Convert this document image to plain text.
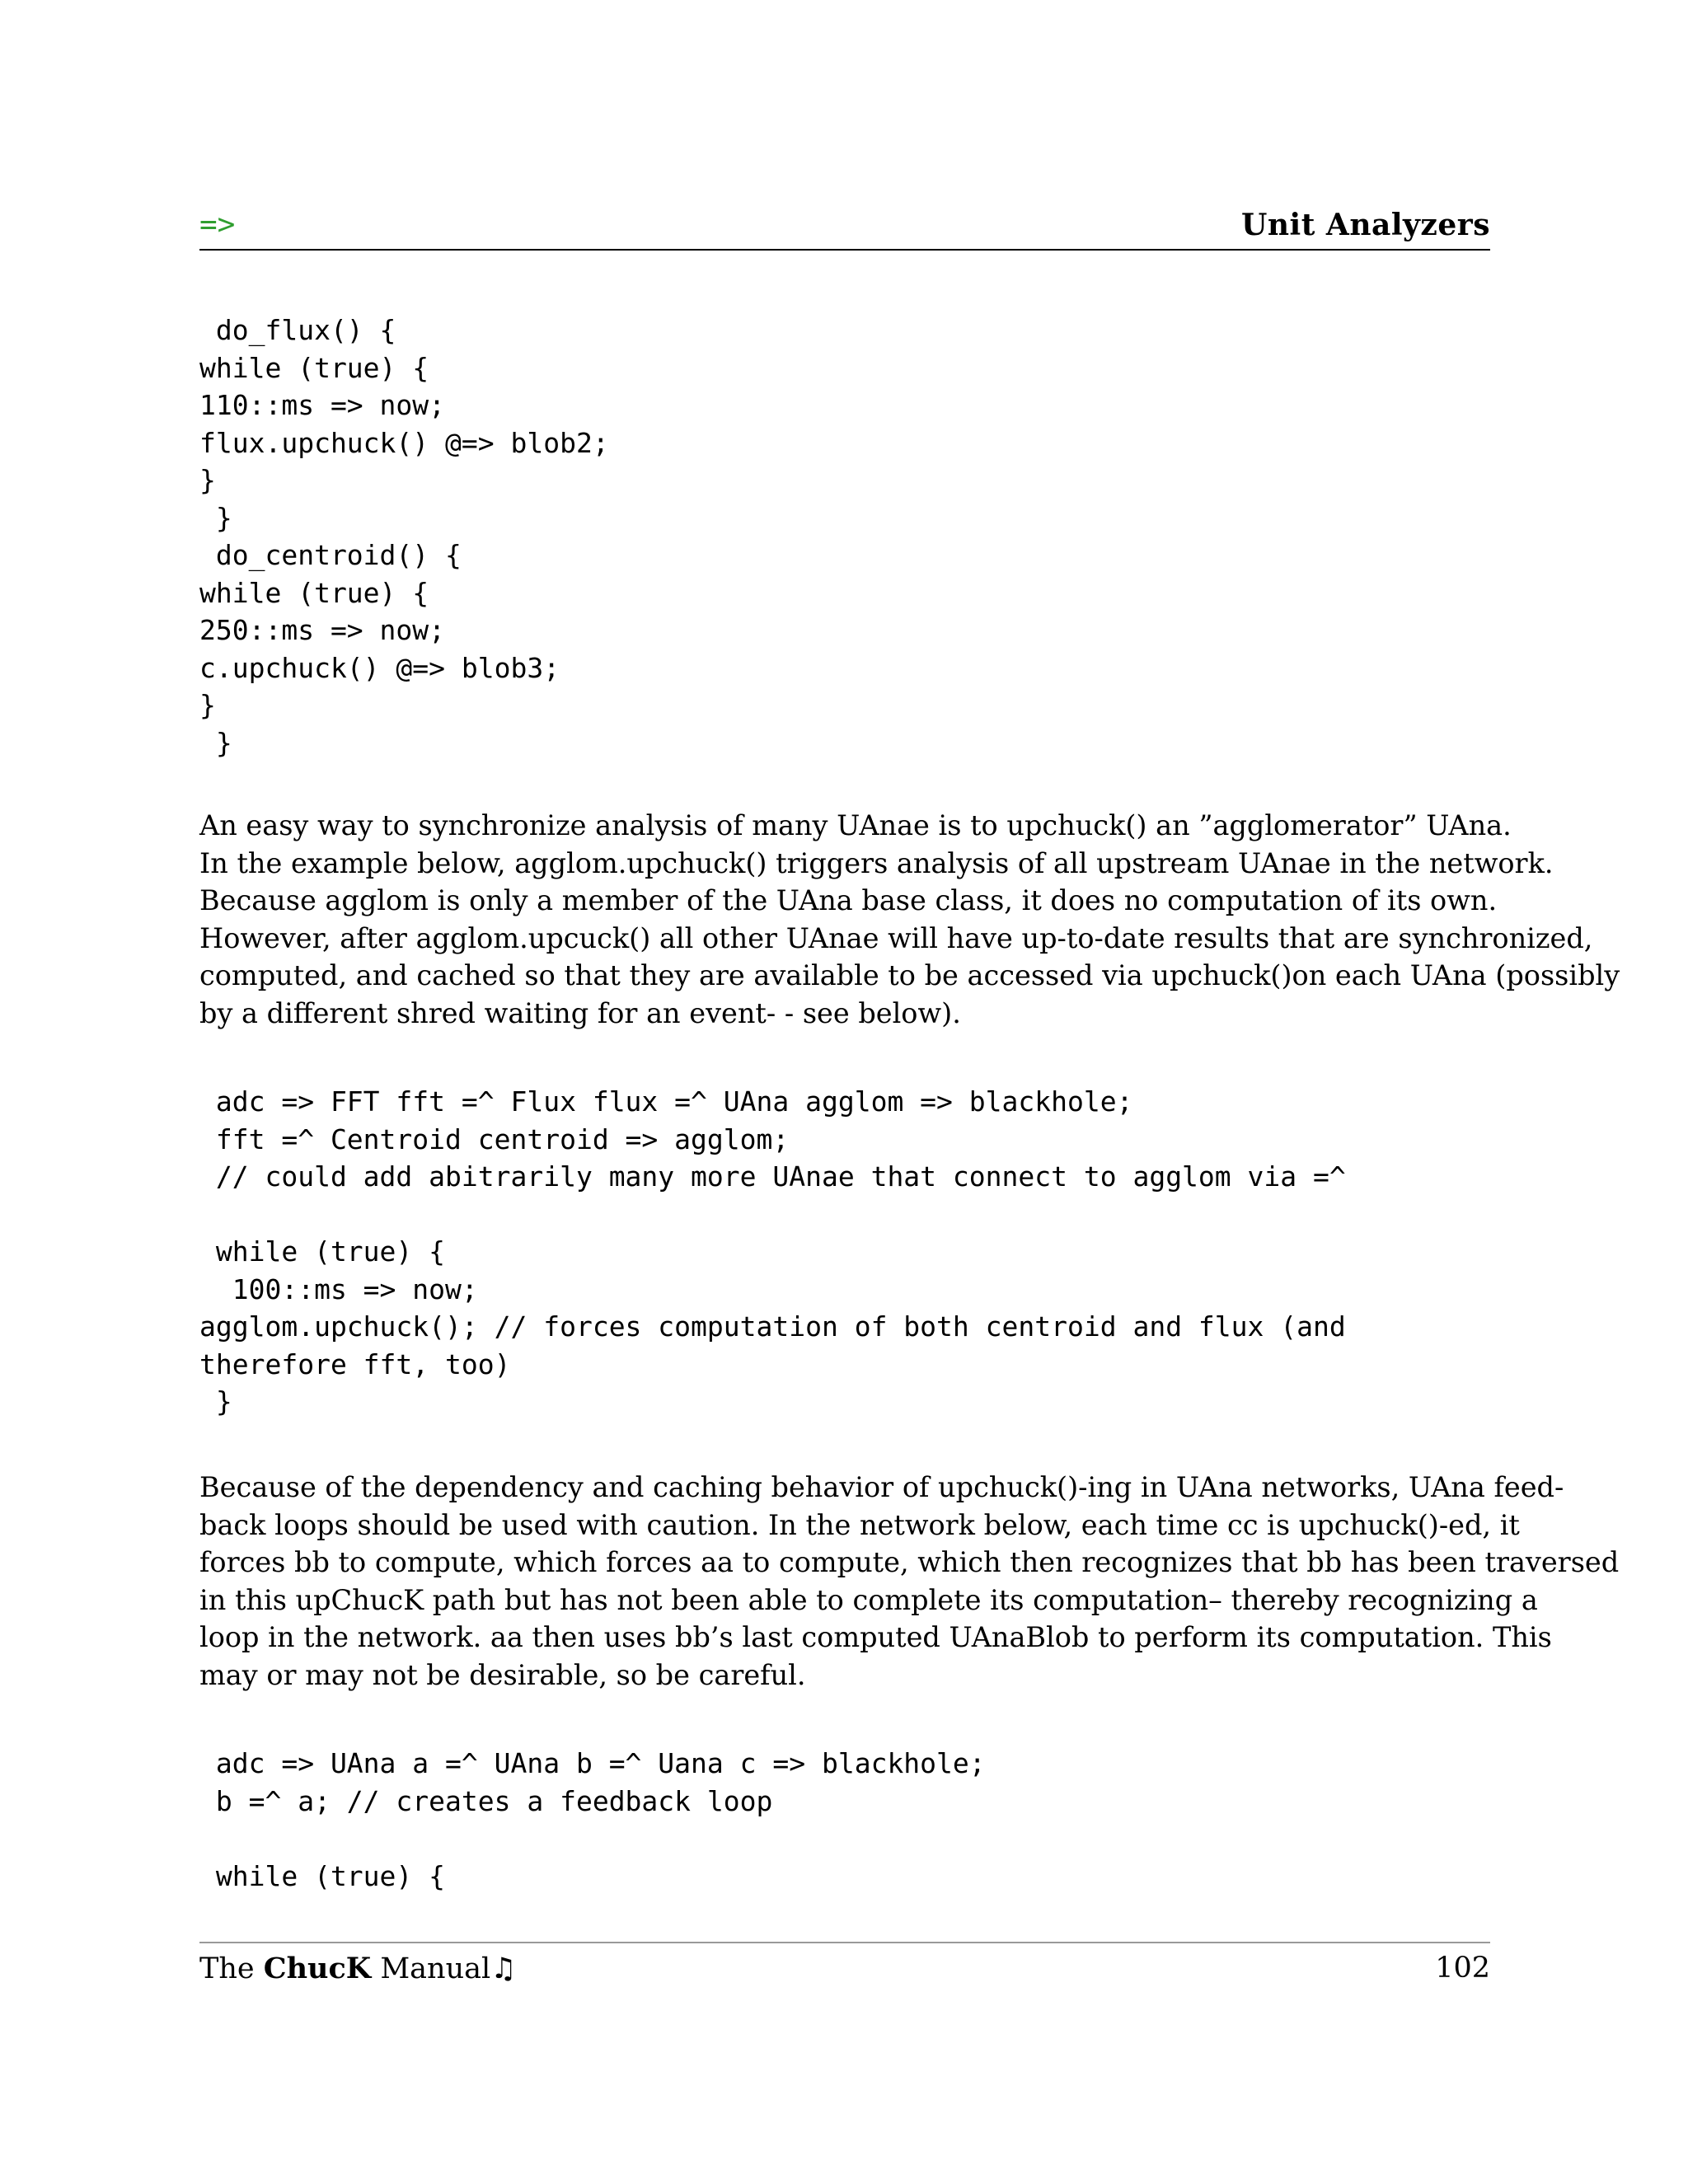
=>	Unit Analyzers
do_flux() {
while (true) {
110::ms => now;
flux.upchuck() @=> blob2;
}
}
do_centroid() {
while (true) {
250::ms => now;
c.upchuck() @=> blob3;
}
}
An easy way to synchronize analysis of many UAnae is to upchuck() an ”agglomerator” UAna.
In the example below, agglom.upchuck() triggers analysis of all upstream UAnae in the network.
Because agglom is only a member of the UAna base class, it does no computation of its own.
However, after agglom.upcuck() all other UAnae will have up-to-date results that are synchronized,
computed, and cached so that they are available to be accessed via upchuck()on each UAna (possibly
by a different shred waiting for an event- - see below).
adc => FFT fft =^ Flux flux =^ UAna agglom => blackhole;
fft =^ Centroid centroid => agglom;
// could add abitrarily many more UAnae that connect to agglom via =^
while (true) {
100::ms => now;
agglom.upchuck(); // forces computation of both centroid and flux (and
therefore fft, too)
}
Because of the dependency and caching behavior of upchuck()-ing in UAna networks, UAna feed-
back loops should be used with caution. In the network below, each time cc is upchuck()-ed, it
forces bb to compute, which forces aa to compute, which then recognizes that bb has been traversed
in this upChucK path but has not been able to complete its computation– thereby recognizing a
loop in the network. aa then uses bb’s last computed UAnaBlob to perform its computation. This
may or may not be desirable, so be careful.
adc => UAna a =^ UAna b =^ Uana c => blackhole;
b =^ a; // creates a feedback loop
while (true) {
The ChucK Manual♫	102
